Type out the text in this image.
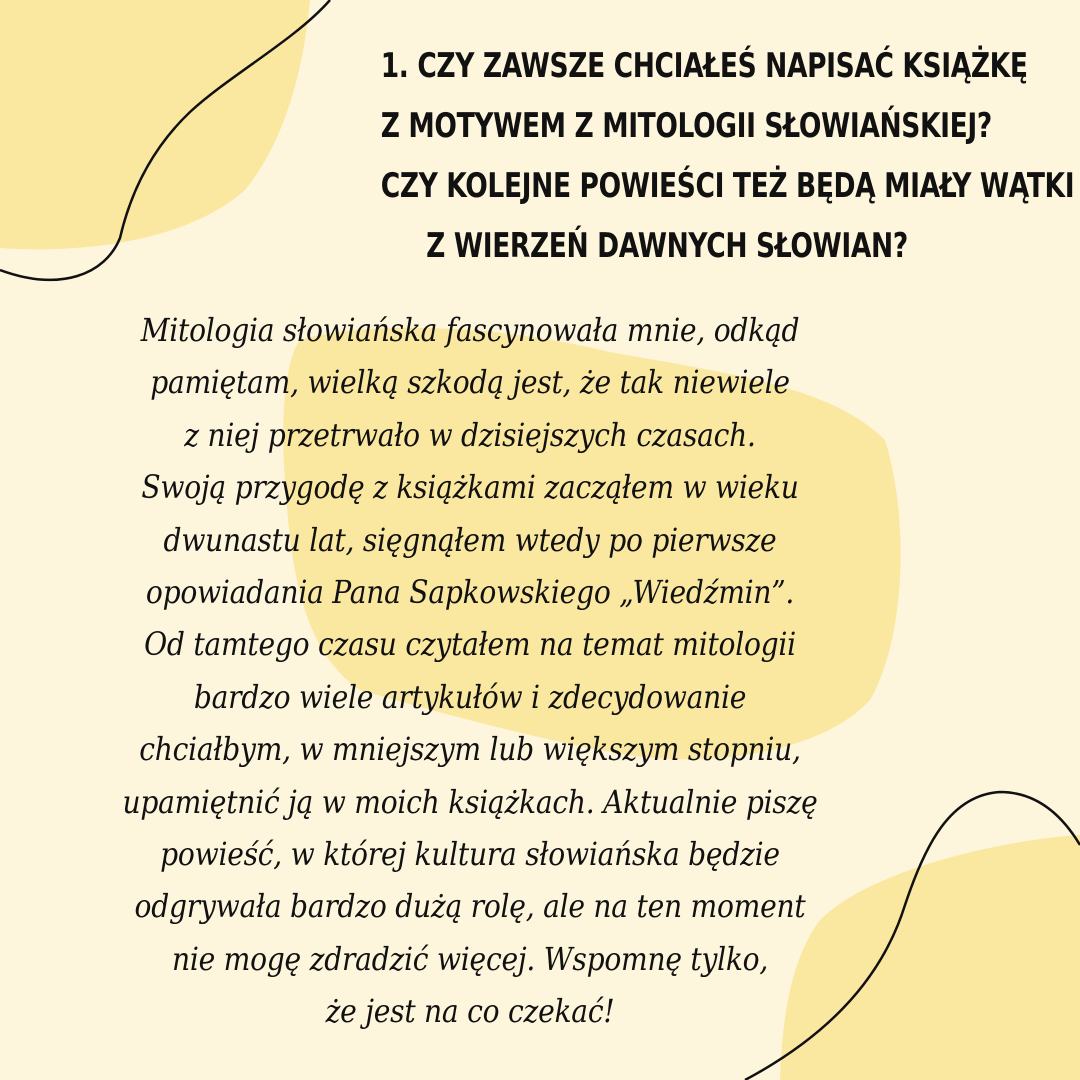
1. CZY ZAWSZE CHCIAŁEŚ NAPISAĆ KSIĄŻKĘ
Z MOTYWEM Z MITOLOGII SŁOWIAŃSKIEJ?
CZY KOLEJNE POWIEŚCI TEŻ BĘDĄ MIAŁY WĄTKI
Z WIERZEŃ DAWNYCH SŁOWIAN?

Mitologia słowiańska fascynowała mnie, odkąd
pamiętam, wielką szkodą jest, że tak niewiele
z niej przetrwało w dzisiejszych czasach.
Swoją przygodę z książkami zacząłem w wieku
dwunastu lat, sięgnąłem wtedy po pierwsze
opowiadania Pana Sapkowskiego „Wiedźmin”.
Od tamtego czasu czytałem na temat mitologii
bardzo wiele artykułów i zdecydowanie
chciałbym, w mniejszym lub większym stopniu,
upamiętnić ją w moich książkach. Aktualnie piszę
powieść, w której kultura słowiańska będzie
odgrywała bardzo dużą rolę, ale na ten moment
nie mogę zdradzić więcej. Wspomnę tylko,
że jest na co czekać!
